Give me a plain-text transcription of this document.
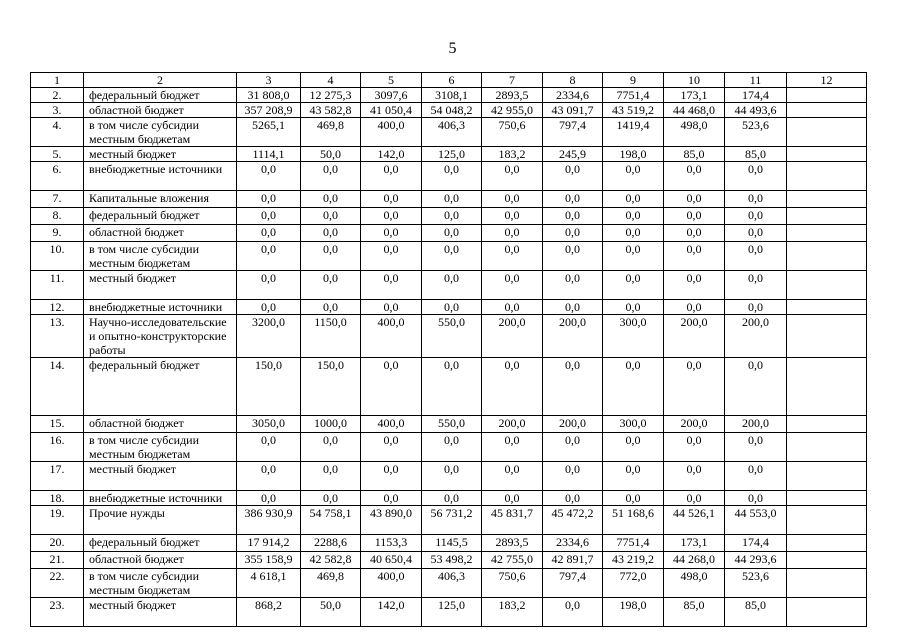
5
1	2	3	4	5	6	7	8	9	10	11	12
2.	федеральный бюджет	31 808,0	12 275,3	3097,6	3108,1	2893,5	2334,6	7751,4	173,1	174,4	
3.	областной бюджет	357 208,9	43 582,8	41 050,4	54 048,2	42 955,0	43 091,7	43 519,2	44 468,0	44 493,6	
4.	в том числе субсидии местным бюджетам	5265,1	469,8	400,0	406,3	750,6	797,4	1419,4	498,0	523,6	
5.	местный бюджет	1114,1	50,0	142,0	125,0	183,2	245,9	198,0	85,0	85,0	
6.	внебюджетные источники	0,0	0,0	0,0	0,0	0,0	0,0	0,0	0,0	0,0	
7.	Капитальные вложения	0,0	0,0	0,0	0,0	0,0	0,0	0,0	0,0	0,0	
8.	федеральный бюджет	0,0	0,0	0,0	0,0	0,0	0,0	0,0	0,0	0,0	
9.	областной бюджет	0,0	0,0	0,0	0,0	0,0	0,0	0,0	0,0	0,0	
10.	в том числе субсидии местным бюджетам	0,0	0,0	0,0	0,0	0,0	0,0	0,0	0,0	0,0	
11.	местный бюджет	0,0	0,0	0,0	0,0	0,0	0,0	0,0	0,0	0,0	
12.	внебюджетные источники	0,0	0,0	0,0	0,0	0,0	0,0	0,0	0,0	0,0	
13.	Научно-исследовательские и опытно-конструкторские работы	3200,0	1150,0	400,0	550,0	200,0	200,0	300,0	200,0	200,0	
14.	федеральный бюджет	150,0	150,0	0,0	0,0	0,0	0,0	0,0	0,0	0,0	
15.	областной бюджет	3050,0	1000,0	400,0	550,0	200,0	200,0	300,0	200,0	200,0	
16.	в том числе субсидии местным бюджетам	0,0	0,0	0,0	0,0	0,0	0,0	0,0	0,0	0,0	
17.	местный бюджет	0,0	0,0	0,0	0,0	0,0	0,0	0,0	0,0	0,0	
18.	внебюджетные источники	0,0	0,0	0,0	0,0	0,0	0,0	0,0	0,0	0,0	
19.	Прочие нужды	386 930,9	54 758,1	43 890,0	56 731,2	45 831,7	45 472,2	51 168,6	44 526,1	44 553,0	
20.	федеральный бюджет	17 914,2	2288,6	1153,3	1145,5	2893,5	2334,6	7751,4	173,1	174,4	
21.	областной бюджет	355 158,9	42 582,8	40 650,4	53 498,2	42 755,0	42 891,7	43 219,2	44 268,0	44 293,6	
22.	в том числе субсидии местным бюджетам	4 618,1	469,8	400,0	406,3	750,6	797,4	772,0	498,0	523,6	
23.	местный бюджет	868,2	50,0	142,0	125,0	183,2	0,0	198,0	85,0	85,0	
